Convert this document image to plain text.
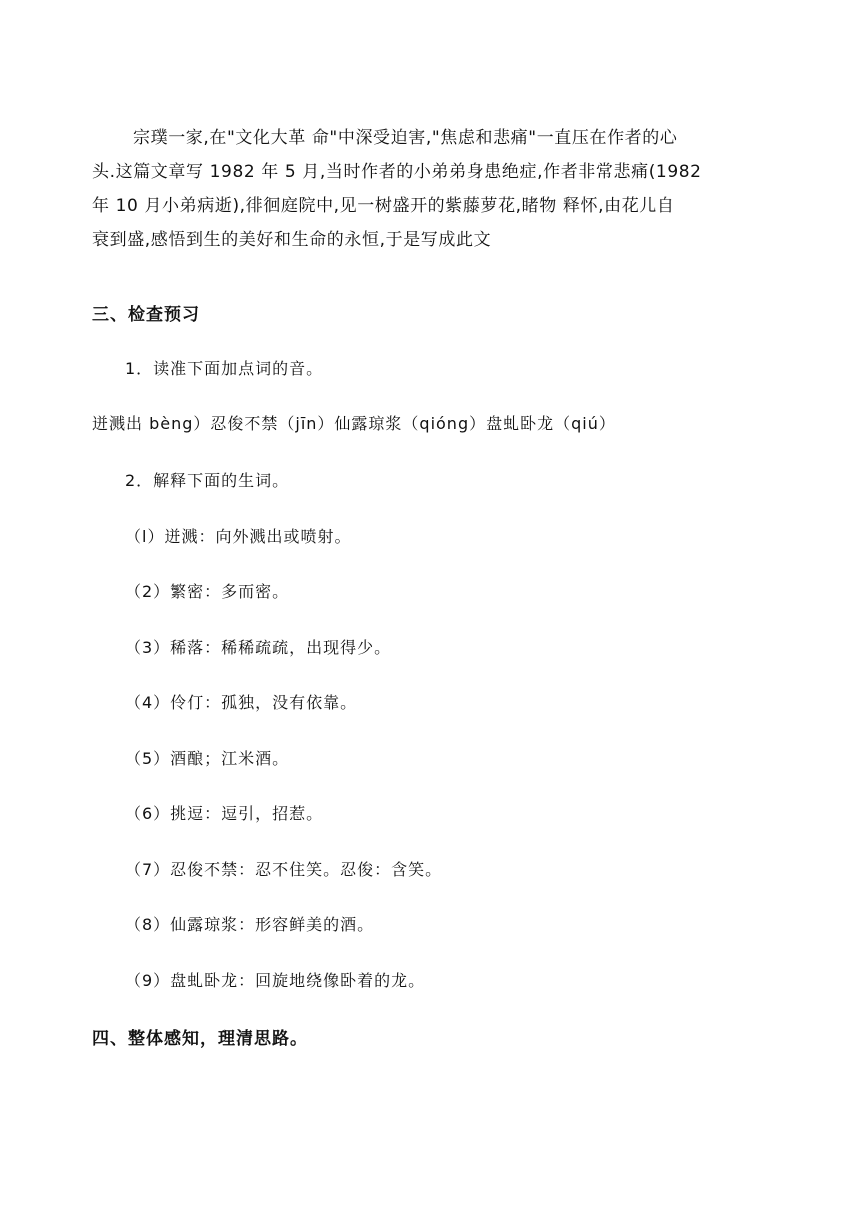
宗璞一家,在"文化大革 命"中深受迫害,"焦虑和悲痛"一直压在作者的心
头.这篇文章写 1982 年 5 月,当时作者的小弟弟身患绝症,作者非常悲痛(1982
年 10 月小弟病逝),徘徊庭院中,见一树盛开的紫藤萝花,睹物 释怀,由花儿自
衰到盛,感悟到生的美好和生命的永恒,于是写成此文
三、检查预习
1．读准下面加点词的音。
迸溅出 bèng）忍俊不禁（jīn）仙露琼浆（qióng）盘虬卧龙（qiú）
2．解释下面的生词。
（l）迸溅：向外溅出或喷射。
（2）繁密：多而密。
（3）稀落：稀稀疏疏，出现得少。
（4）伶仃：孤独，没有依靠。
（5）酒酿；江米酒。
（6）挑逗：逗引，招惹。
（7）忍俊不禁：忍不住笑。忍俊：含笑。
（8）仙露琼浆：形容鲜美的酒。
（9）盘虬卧龙：回旋地绕像卧着的龙。
四、整体感知，理清思路。
